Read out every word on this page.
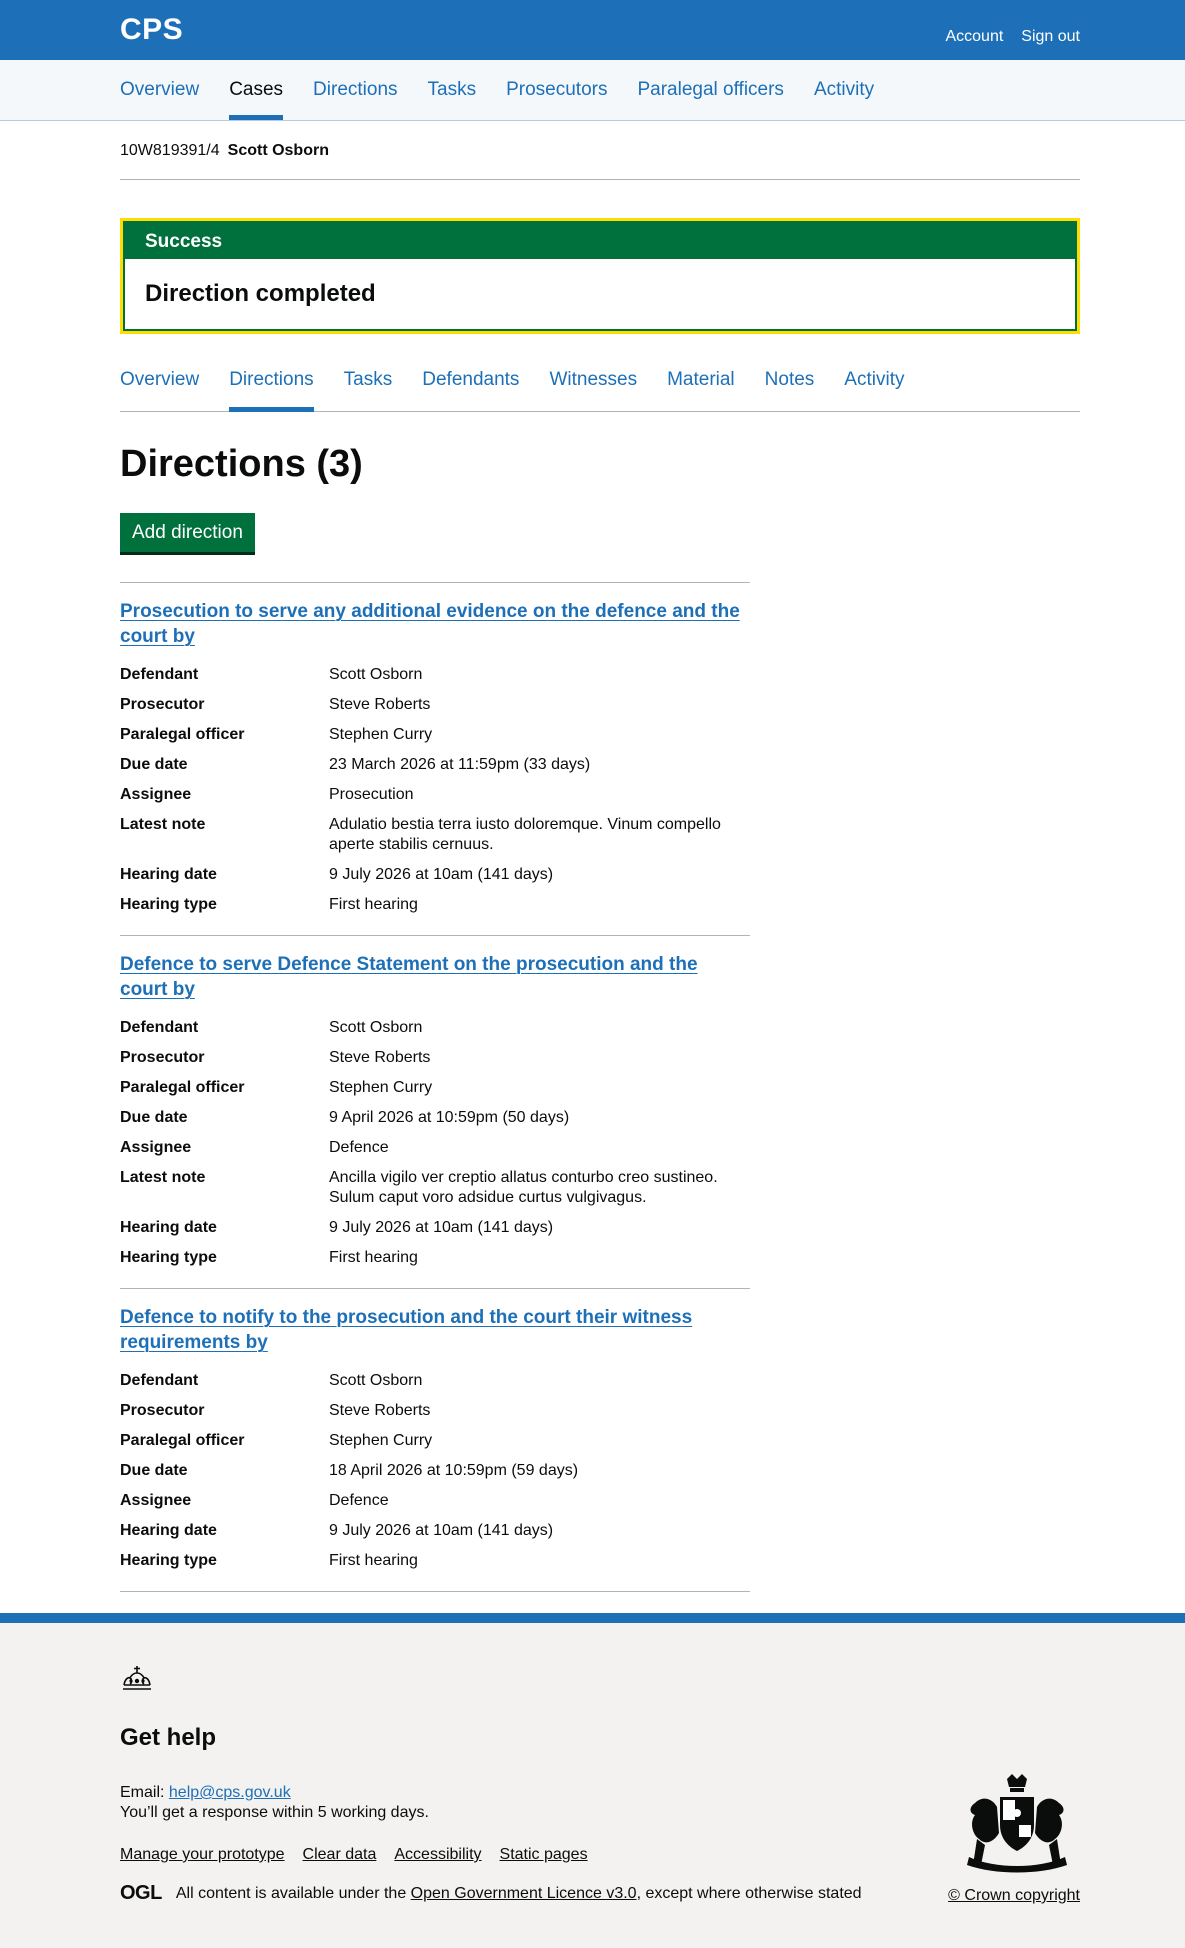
CPS	Account Sign out
Overview Cases Directions Tasks Prosecutors Paralegal officers Activity
10W819391/4 Scott Osborn
Success
Direction completed
Overview Directions Tasks Defendants Witnesses Material Notes Activity
Directions (3)
Add direction
Prosecution to serve any additional evidence on the defence and the court by
Defendant	Scott Osborn
Prosecutor	Steve Roberts
Paralegal officer	Stephen Curry
Due date	23 March 2026 at 11:59pm (33 days)
Assignee	Prosecution
Latest note	Adulatio bestia terra iusto doloremque. Vinum compello aperte stabilis cernuus.
Hearing date	9 July 2026 at 10am (141 days)
Hearing type	First hearing
Defence to serve Defence Statement on the prosecution and the court by
Defendant	Scott Osborn
Prosecutor	Steve Roberts
Paralegal officer	Stephen Curry
Due date	9 April 2026 at 10:59pm (50 days)
Assignee	Defence
Latest note	Ancilla vigilo ver creptio allatus conturbo creo sustineo. Sulum caput voro adsidue curtus vulgivagus.
Hearing date	9 July 2026 at 10am (141 days)
Hearing type	First hearing
Defence to notify to the prosecution and the court their witness requirements by
Defendant	Scott Osborn
Prosecutor	Steve Roberts
Paralegal officer	Stephen Curry
Due date	18 April 2026 at 10:59pm (59 days)
Assignee	Defence
Hearing date	9 July 2026 at 10am (141 days)
Hearing type	First hearing
Get help
Email: help@cps.gov.uk
You’ll get a response within 5 working days.
Manage your prototype Clear data Accessibility Static pages
OGL All content is available under the Open Government Licence v3.0, except where otherwise stated	© Crown copyright
